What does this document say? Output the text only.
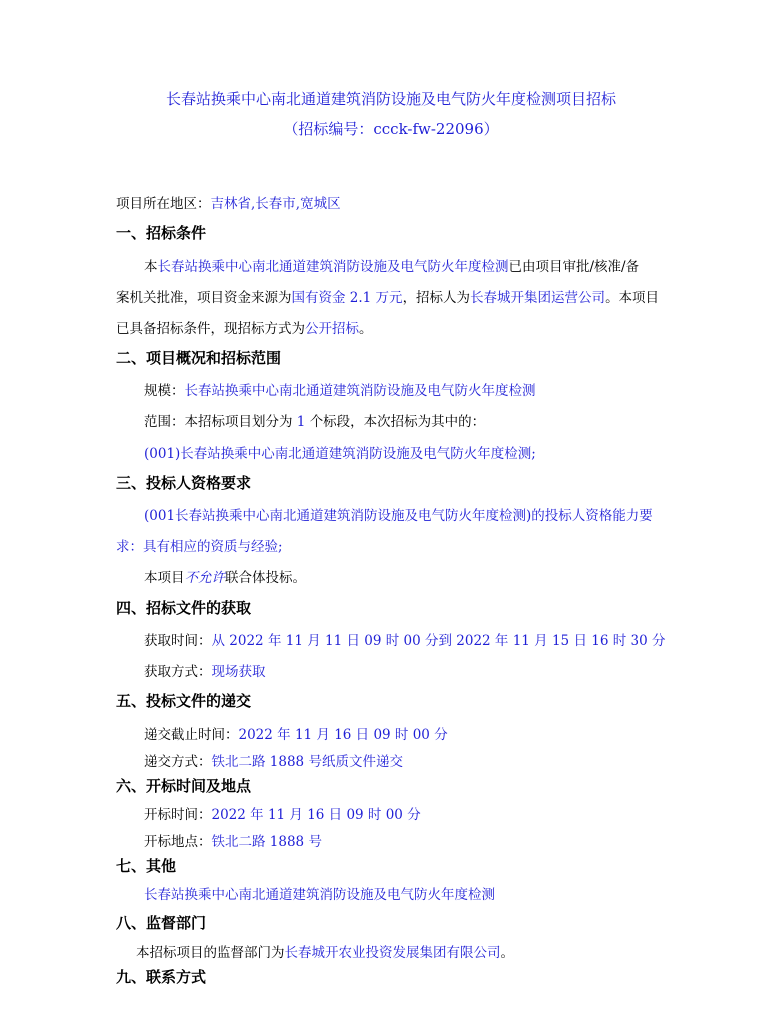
长春站换乘中心南北通道建筑消防设施及电气防火年度检测项目招标
（招标编号：ccck-fw-22096）
项目所在地区：吉林省,长春市,宽城区
一、招标条件
本长春站换乘中心南北通道建筑消防设施及电气防火年度检测已由项目审批/核准/备
案机关批准，项目资金来源为国有资金 2.1 万元，招标人为长春城开集团运营公司。本项目
已具备招标条件，现招标方式为公开招标。
二、项目概况和招标范围
规模：长春站换乘中心南北通道建筑消防设施及电气防火年度检测
范围：本招标项目划分为 1 个标段，本次招标为其中的：
(001)长春站换乘中心南北通道建筑消防设施及电气防火年度检测;
三、投标人资格要求
(001长春站换乘中心南北通道建筑消防设施及电气防火年度检测)的投标人资格能力要
求：具有相应的资质与经验;
本项目不允许联合体投标。
四、招标文件的获取
获取时间：从 2022 年 11 月 11 日 09 时 00 分到 2022 年 11 月 15 日 16 时 30 分
获取方式：现场获取
五、投标文件的递交
递交截止时间：2022 年 11 月 16 日 09 时 00 分
递交方式：铁北二路 1888 号纸质文件递交
六、开标时间及地点
开标时间：2022 年 11 月 16 日 09 时 00 分
开标地点：铁北二路 1888 号
七、其他
长春站换乘中心南北通道建筑消防设施及电气防火年度检测
八、监督部门
本招标项目的监督部门为长春城开农业投资发展集团有限公司。
九、联系方式
